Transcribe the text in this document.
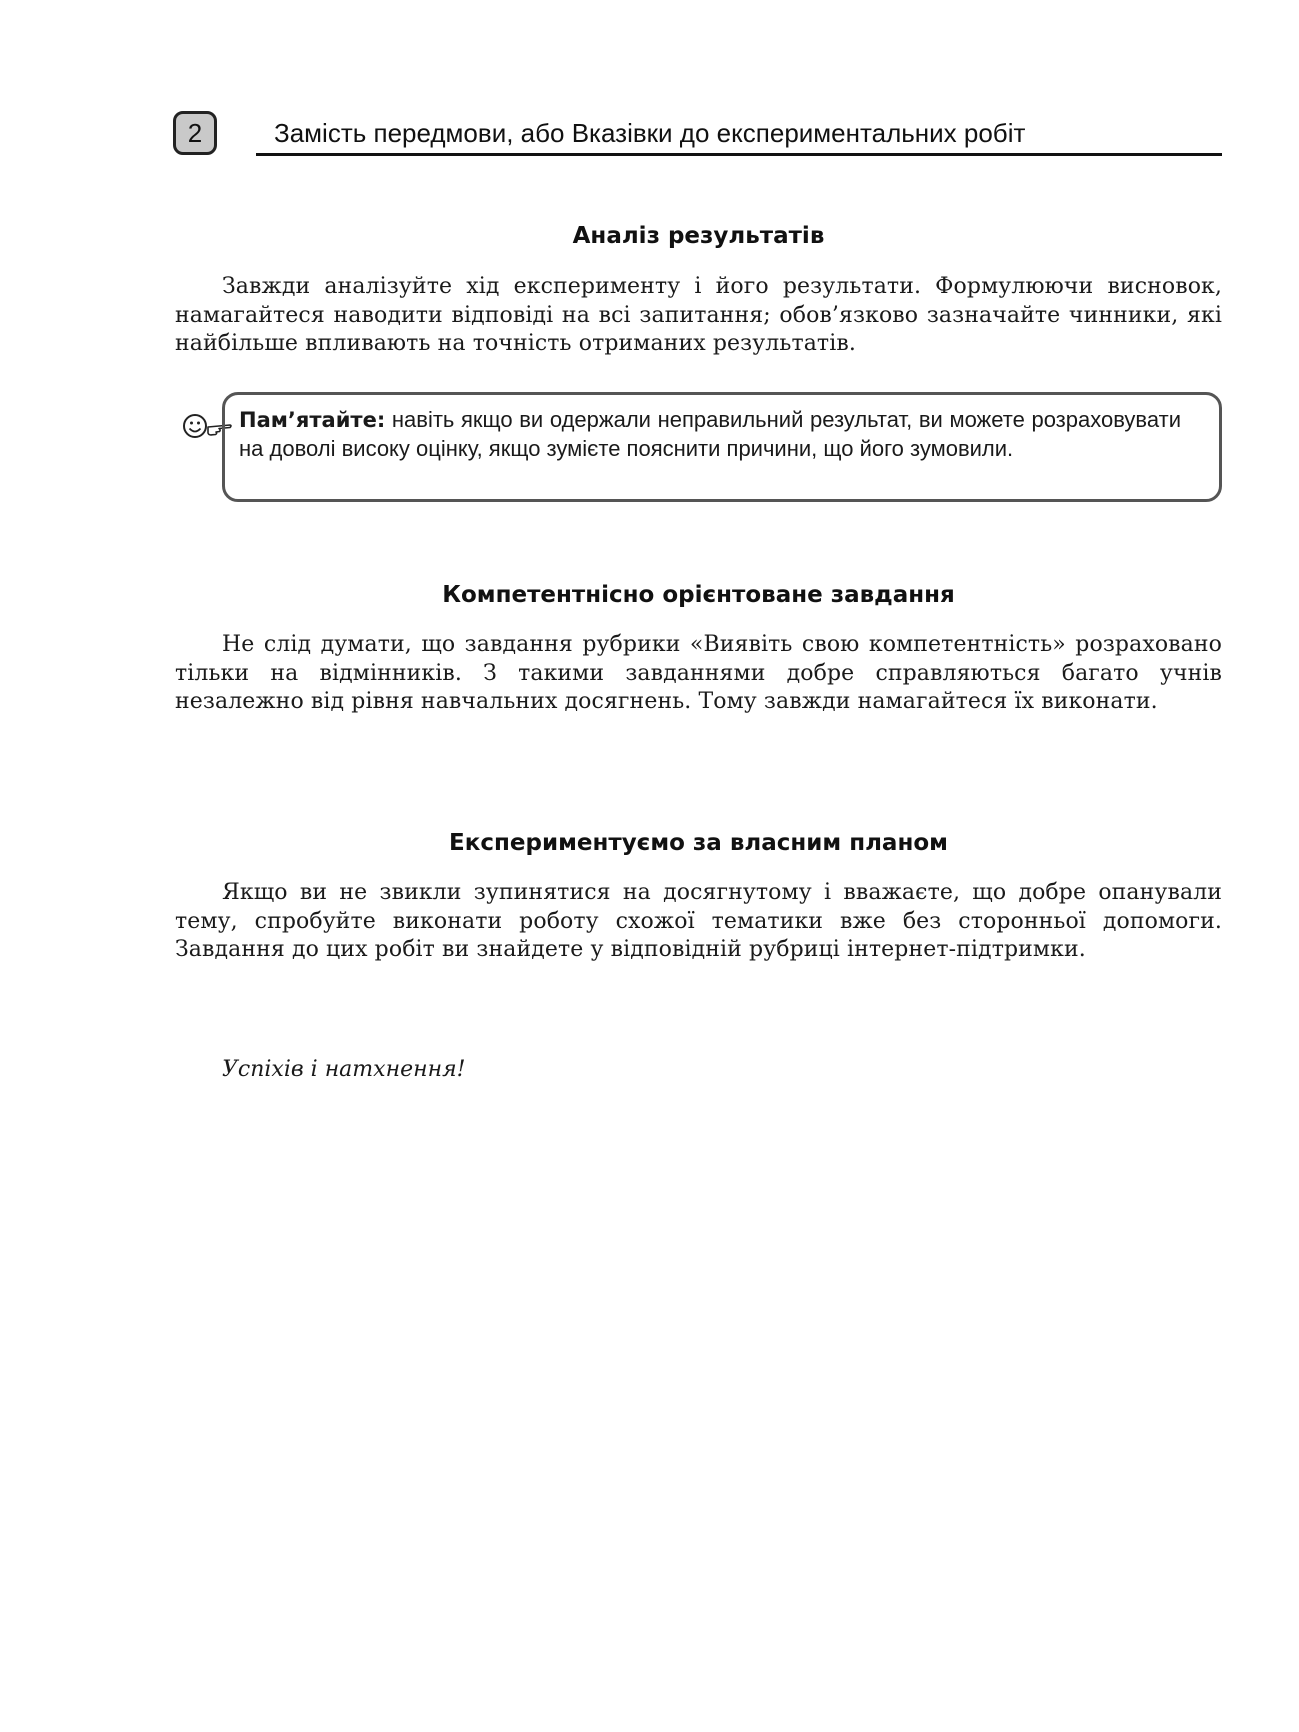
2	Замість передмови, або Вказівки до експериментальних робіт
Аналіз результатів

Завжди аналізуйте хід експерименту і його результати. Формулюючи висновок, намагайтеся наводити відповіді на всі запитання; обов’язково зазначайте чинники, які найбільше впливають на точність отриманих результатів.

Пам’ятайте: навіть якщо ви одержали неправильний результат, ви можете розраховувати на доволі високу оцінку, якщо зумієте пояснити причини, що його зумовили.

Компетентнісно орієнтоване завдання

Не слід думати, що завдання рубрики «Виявіть свою компетентність» розраховано тільки на відмінників. З такими завданнями добре справляються багато учнів незалежно від рівня навчальних досягнень. Тому завжди намагайтеся їх виконати.

Експериментуємо за власним планом

Якщо ви не звикли зупинятися на досягнутому і вважаєте, що добре опанували тему, спробуйте виконати роботу схожої тематики вже без сторонньої допомоги. Завдання до цих робіт ви знайдете у відповідній рубриці інтернет-підтримки.

Успіхів і натхнення!
